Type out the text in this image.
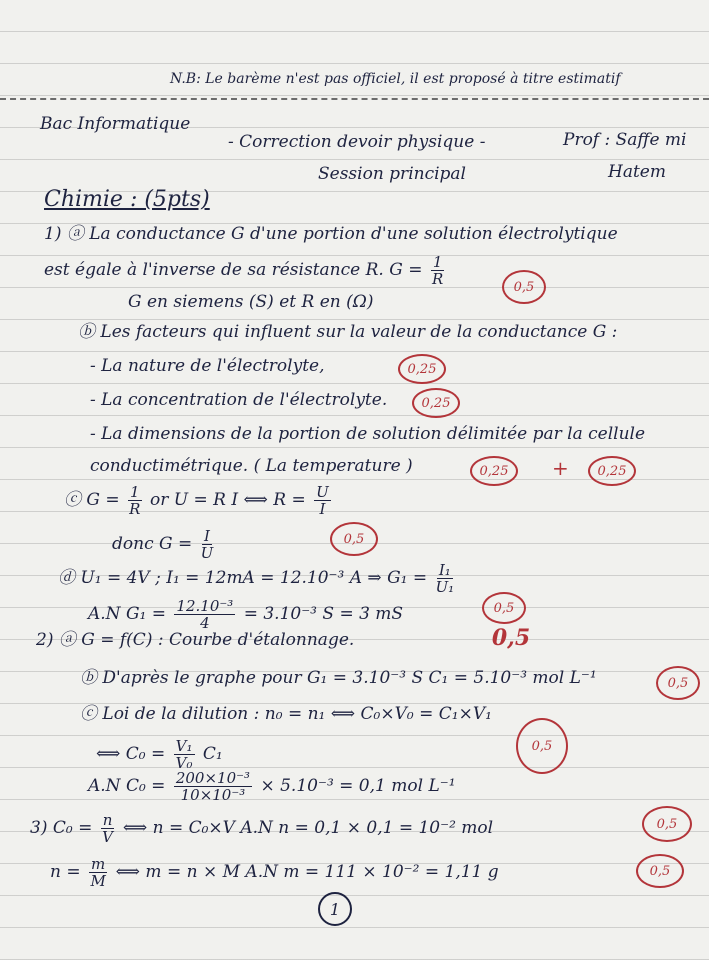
N.B: Le barème n'est pas officiel, il est proposé à titre estimatif
Bac Informatique
- Correction devoir physique -
Session principal
Prof : Saffe mi
Hatem
Chimie : (5pts)
1) ⓐ La conductance G d'une portion d'une solution électrolytique
est égale à l'inverse de sa résistance R. $G = \frac{1}{R}$
G en siemens (S) et R en (Ω)
ⓑ Les facteurs qui influent sur la valeur de la conductance G :
- La nature de l'électrolyte,
- La concentration de l'électrolyte.
- La dimensions de la portion de solution délimitée par la cellule
conductimétrique. ( La temperature )
ⓒ $G = \frac{1}{R}$ or U = R I ⟺ $R = \frac{U}{I}$
donc $G = \frac{I}{U}$
ⓓ U₁ = 4V ; I₁ = 12mA = 12.10⁻³ A ⇒ $G_1 = \frac{\text{I₁}}{\text{U₁}}$
A.N $G_1 = \frac{\text{12.10⁻³}}{4} = 3.10^{-3}$ S = 3 mS
2) ⓐ G = f(C) : Courbe d'étalonnage.
ⓑ D'après le graphe pour G₁ = 3.10⁻³ S C₁ = 5.10⁻³ mol L⁻¹
ⓒ Loi de la dilution : n₀ = n₁ ⟺ C₀×V₀ = C₁×V₁
⟺ $C_0 = \frac{\text{V₁}}{\text{V₀}} C_1$
A.N $C_0 = \frac{\text{200×10⁻³}}{\text{10×10⁻³}} \times 5.10^{-3} = 0,1$ mol L⁻¹
3) $C_0 = \frac{n}{V}$ ⟺ n = C₀×V A.N n = 0,1 × 0,1 = 10⁻² mol
$n = \frac{m}{M}$ ⟺ m = n × M A.N m = 111 × 10⁻² = 1,11 g
0,5
0,25
0,25
0,25	+	0,25
0,5
0,5
0,5
0,5
0,5
0,5
0,5
1
